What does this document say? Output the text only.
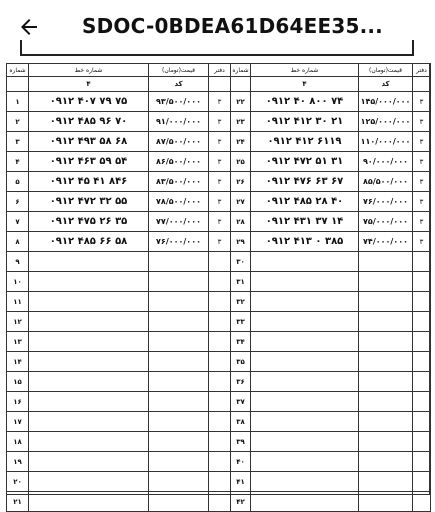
SDOC-0BDEA61D64EE35...
شماره	شماره خط	قیمت(تومان)	دفتر
	۴	کد	
۱	۰۹۱۲ ۴۰۷ ۷۹ ۷۵	۹۳/۵۰۰/۰۰۰	۳
۲	۰۹۱۲ ۴۸۵ ۹۶ ۷۰	۹۱/۰۰۰/۰۰۰	۳
۳	۰۹۱۲ ۴۹۳ ۵۸ ۶۸	۸۷/۵۰۰/۰۰۰	۳
۴	۰۹۱۲ ۴۶۳ ۵۹ ۵۴	۸۶/۵۰۰/۰۰۰	۳
۵	۰۹۱۲ ۴۵ ۴۱ ۸۴۶	۸۳/۵۰۰/۰۰۰	۳
۶	۰۹۱۲ ۴۷۲ ۳۲ ۵۵	۷۸/۵۰۰/۰۰۰	۳
۷	۰۹۱۲ ۴۷۵ ۲۶ ۳۵	۷۷/۰۰۰/۰۰۰	۳
۸	۰۹۱۲ ۴۸۵ ۶۶ ۵۸	۷۶/۰۰۰/۰۰۰	۳
۹			
۱۰			
۱۱			
۱۲			
۱۳			
۱۴			
۱۵			
۱۶			
۱۷			
۱۸			
۱۹			
۲۰			
۲۱			
شماره	شماره خط	قیمت(تومان)	دفتر
	۴	کد	
۲۲	۰۹۱۲ ۴۰ ۸۰۰ ۷۴	۱۴۵/۰۰۰/۰۰۰	۳
۲۳	۰۹۱۲ ۴۱۲ ۳۰ ۲۱	۱۲۵/۰۰۰/۰۰۰	۳
۲۴	۰۹۱۲ ۴۱۲ ۶۱۱۹	۱۱۰/۰۰۰/۰۰۰	۳
۲۵	۰۹۱۲ ۴۷۲ ۵۱ ۳۱	۹۰/۰۰۰/۰۰۰	۳
۲۶	۰۹۱۲ ۴۷۶ ۶۳ ۶۷	۸۵/۵۰۰/۰۰۰	۳
۲۷	۰۹۱۲ ۴۸۵ ۲۸ ۴۰	۷۶/۰۰۰/۰۰۰	۳
۲۸	۰۹۱۲ ۴۳۱ ۳۷ ۱۴	۷۵/۰۰۰/۰۰۰	۳
۲۹	۰۹۱۲ ۴۱۳ ۰ ۳۸۵	۷۴/۰۰۰/۰۰۰	۳
۳۰			
۳۱			
۳۲			
۳۳			
۳۴			
۳۵			
۳۶			
۳۷			
۳۸			
۳۹			
۴۰			
۴۱			
۴۲			
